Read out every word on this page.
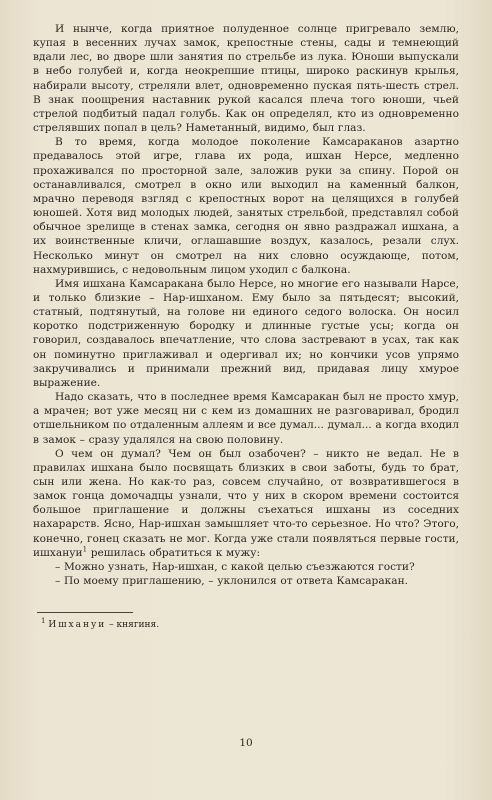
И нынче, когда приятное полуденное солнце пригревало землю, купая в весенних лучах замок, крепостные стены, сады и темнеющий вдали лес, во дворе шли занятия по стрельбе из лука. Юноши выпускали в небо голубей и, когда неокрепшие птицы, широко раскинув крылья, набирали высоту, стреляли влет, одновременно пуская пять-шесть стрел. В знак поощрения наставник рукой касался плеча того юноши, чьей стрелой подбитый падал голубь. Как он определял, кто из одновременно стрелявших попал в цель? Наметанный, видимо, был глаз.

В то время, когда молодое поколение Камсараканов азартно предавалось этой игре, глава их рода, ишхан Нерсе, медленно прохаживался по просторной зале, заложив руки за спину. Порой он останавливался, смотрел в окно или выходил на каменный балкон, мрачно переводя взгляд с крепостных ворот на целящихся в голубей юношей. Хотя вид молодых людей, занятых стрельбой, представлял собой обычное зрелище в стенах замка, сегодня он явно раздражал ишхана, а их воинственные кличи, оглашавшие воздух, казалось, резали слух. Несколько минут он смотрел на них словно осуждающе, потом, нахмурившись, с недовольным лицом уходил с балкона.

Имя ишхана Камсаракана было Нерсе, но многие его называли Нарсе, и только близкие – Нар-ишханом. Ему было за пятьдесят; высокий, статный, подтянутый, на голове ни единого седого волоска. Он носил коротко подстриженную бородку и длинные густые усы; когда он говорил, создавалось впечатление, что слова застревают в усах, так как он поминутно приглаживал и одергивал их; но кончики усов упрямо закручивались и принимали прежний вид, придавая лицу хмурое выражение.

Надо сказать, что в последнее время Камсаракан был не просто хмур, а мрачен; вот уже месяц ни с кем из домашних не разговаривал, бродил отшельником по отдаленным аллеям и все думал... думал... а когда входил в замок – сразу удалялся на свою половину.

О чем он думал? Чем он был озабочен? – никто не ведал. Не в правилах ишхана было посвящать близких в свои заботы, будь то брат, сын или жена. Но как-то раз, совсем случайно, от возвратившегося в замок гонца домочадцы узнали, что у них в скором времени состоится большое приглашение и должны съехаться ишханы из соседних нахарарств. Ясно, Нар-ишхан замышляет что-то серьезное. Но что? Этого, конечно, гонец сказать не мог. Когда уже стали появляться первые гости, ишхануи$^1$ решилась обратиться к мужу:

– Можно узнать, Нар-ишхан, с какой целью съезжаются гости?

– По моему приглашению, – уклонился от ответа Камсаракан.

$^1$ Ишхануи – княгиня.

10
